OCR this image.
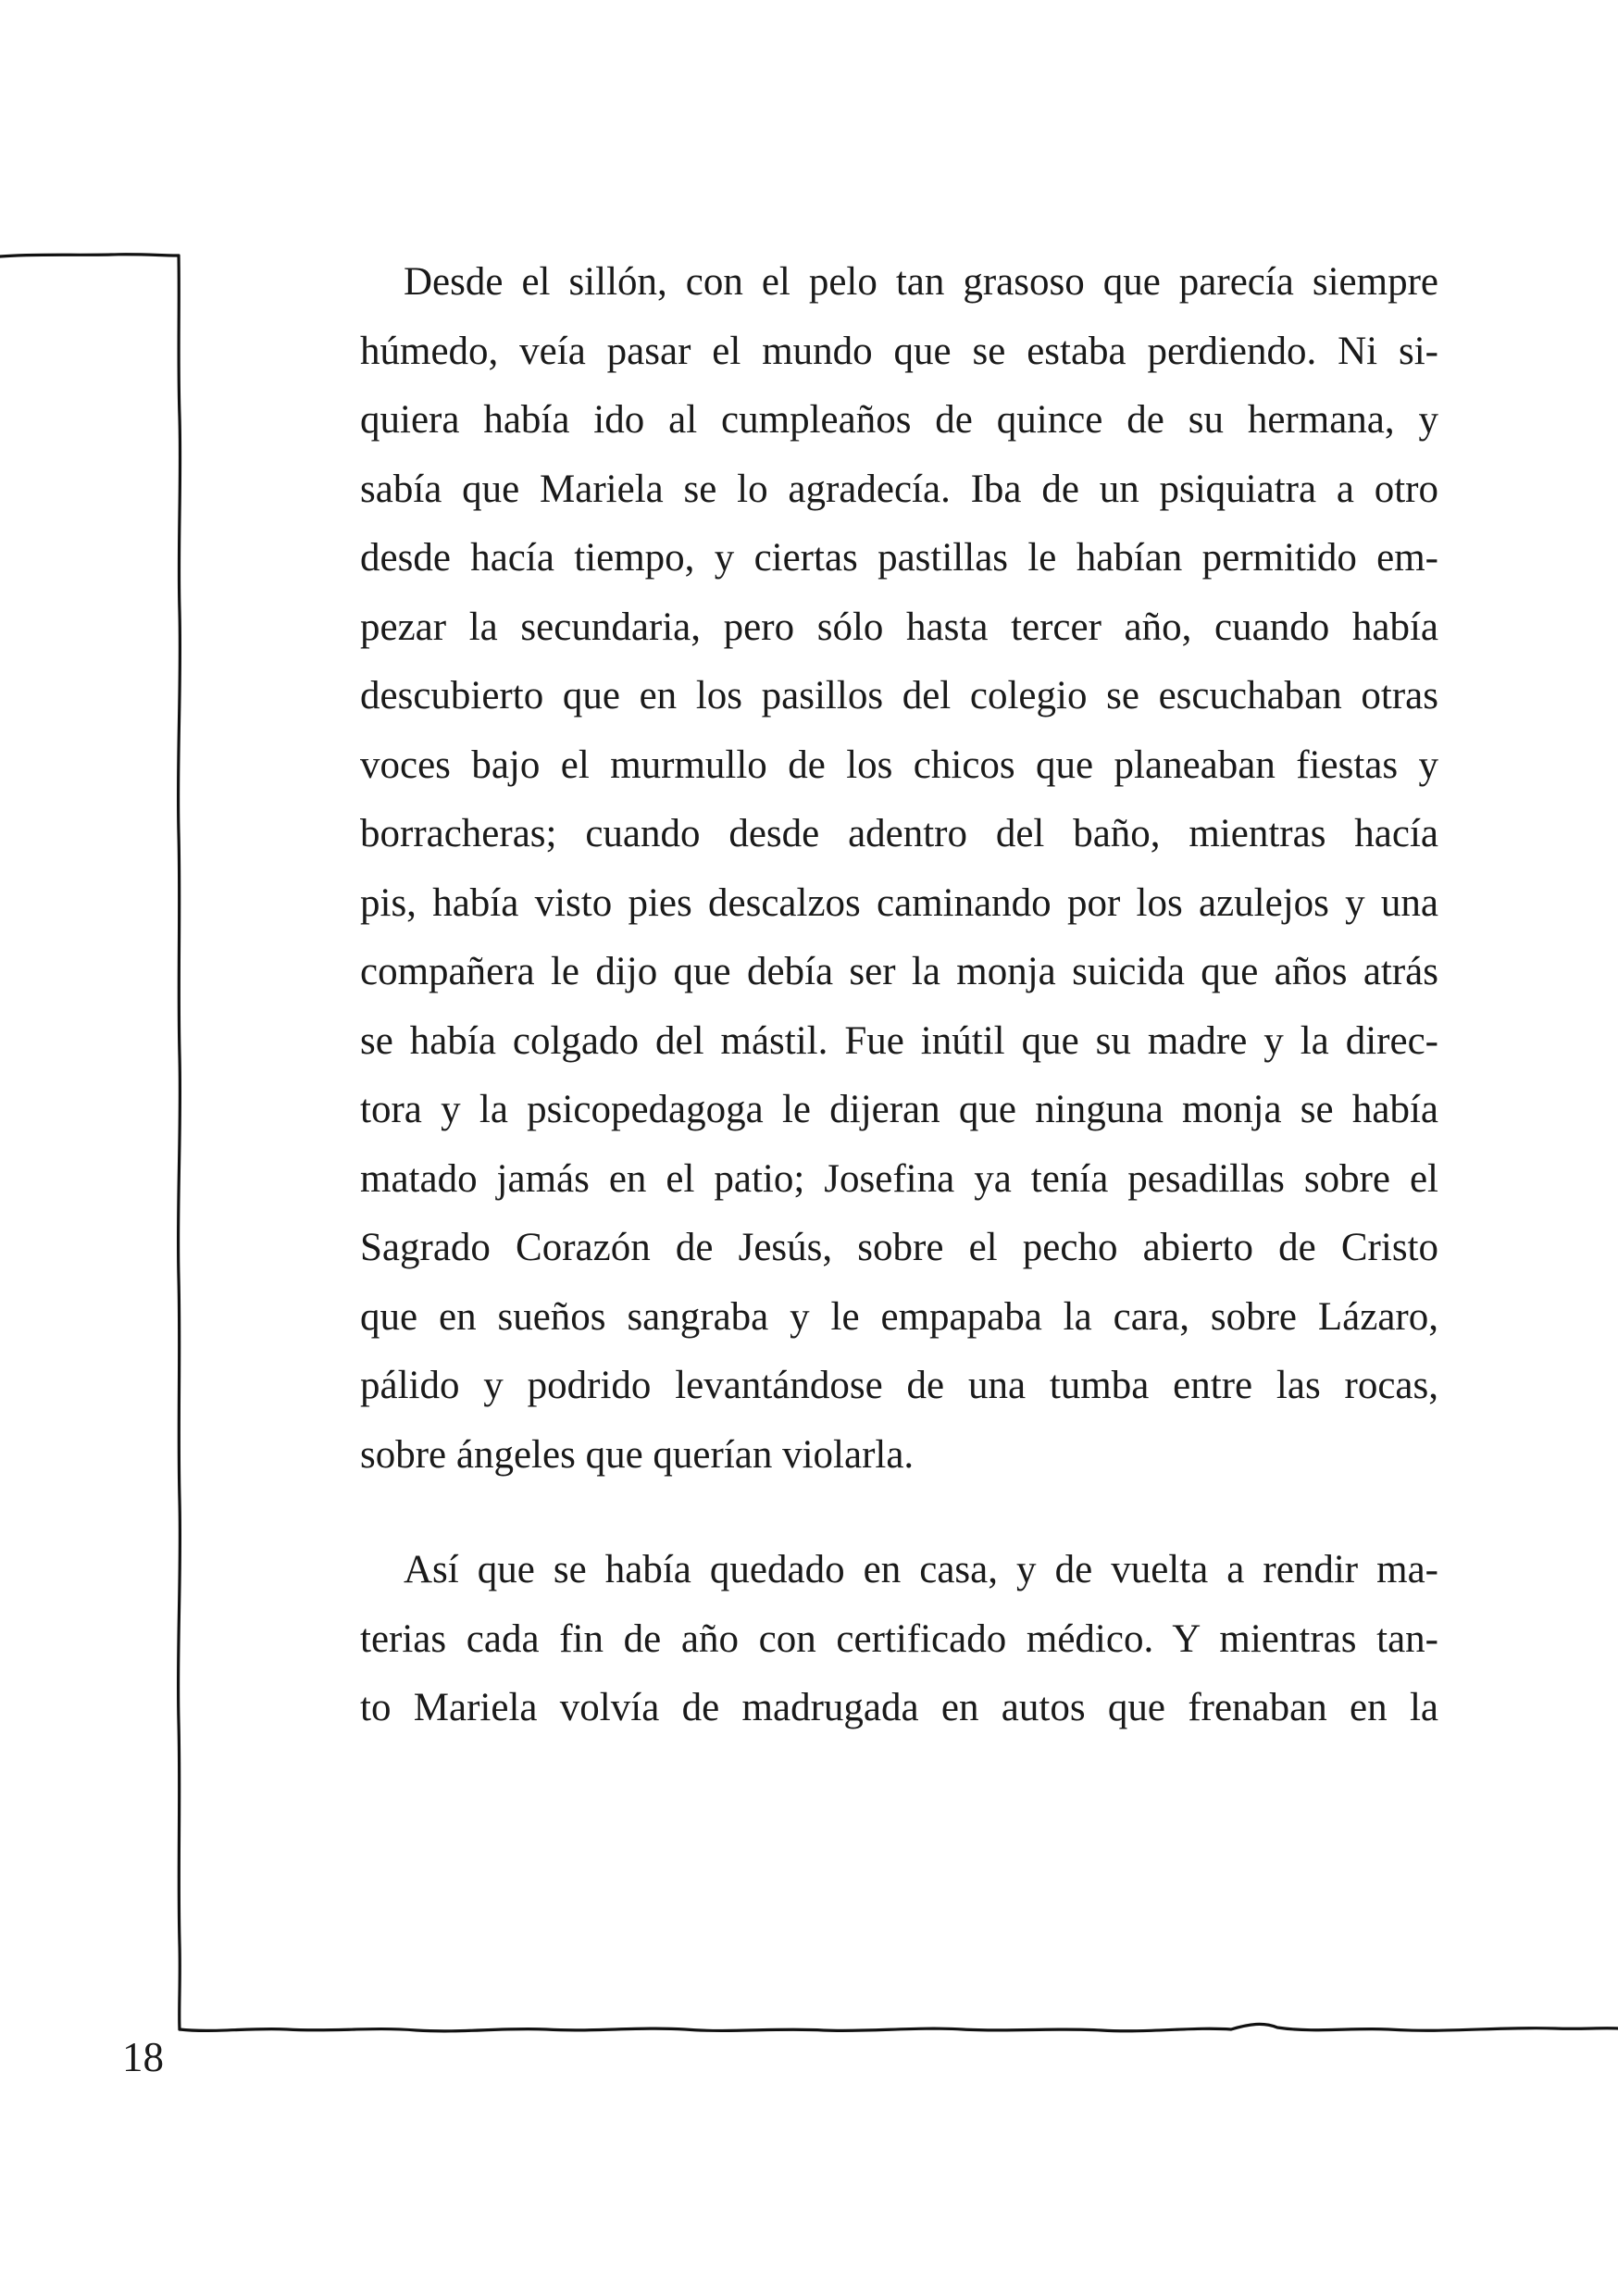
Desde el sillón, con el pelo tan grasoso que parecía siempre
húmedo, veía pasar el mundo que se estaba perdiendo. Ni si-
quiera había ido al cumpleaños de quince de su hermana, y
sabía que Mariela se lo agradecía. Iba de un psiquiatra a otro
desde hacía tiempo, y ciertas pastillas le habían permitido em-
pezar la secundaria, pero sólo hasta tercer año, cuando había
descubierto que en los pasillos del colegio se escuchaban otras
voces bajo el murmullo de los chicos que planeaban fiestas y
borracheras; cuando desde adentro del baño, mientras hacía
pis, había visto pies descalzos caminando por los azulejos y una
compañera le dijo que debía ser la monja suicida que años atrás
se había colgado del mástil. Fue inútil que su madre y la direc-
tora y la psicopedagoga le dijeran que ninguna monja se había
matado jamás en el patio; Josefina ya tenía pesadillas sobre el
Sagrado Corazón de Jesús, sobre el pecho abierto de Cristo
que en sueños sangraba y le empapaba la cara, sobre Lázaro,
pálido y podrido levantándose de una tumba entre las rocas,
sobre ángeles que querían violarla.
Así que se había quedado en casa, y de vuelta a rendir ma-
terias cada fin de año con certificado médico. Y mientras tan-
to Mariela volvía de madrugada en autos que frenaban en la
18
